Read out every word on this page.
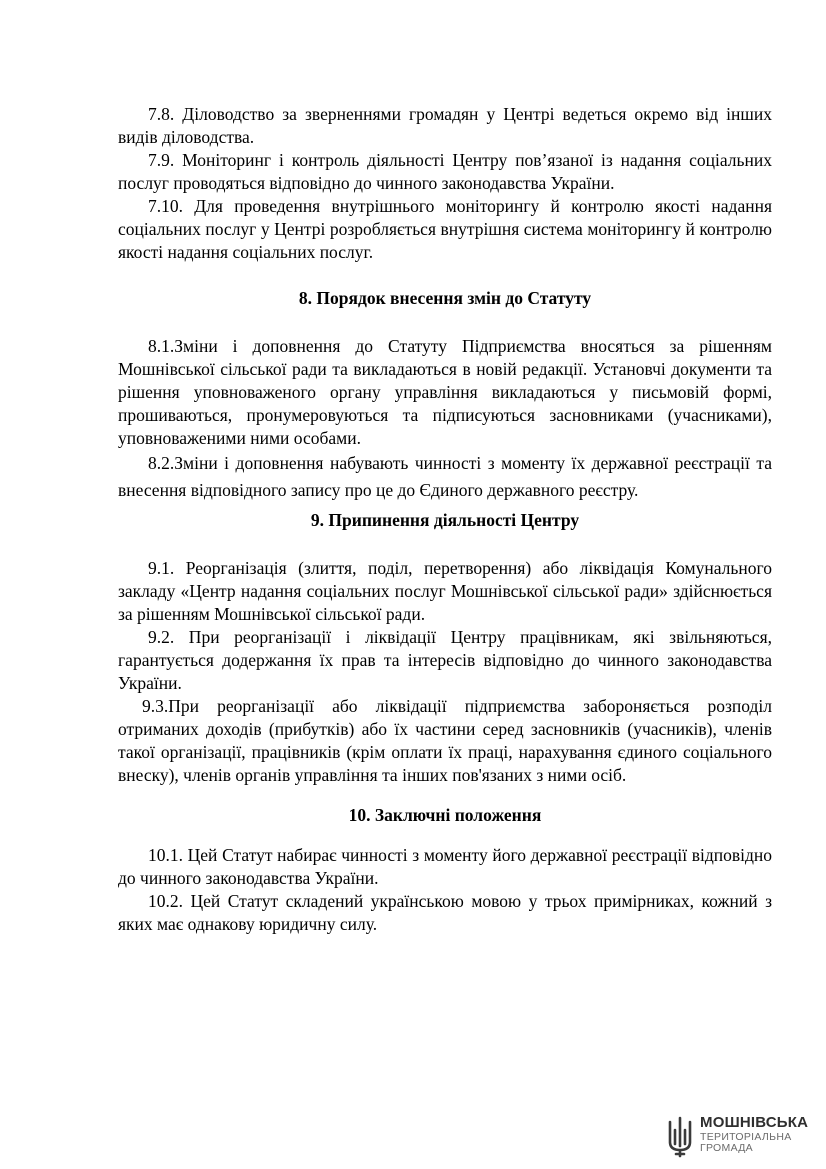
7.8. Діловодство за зверненнями громадян у Центрі ведеться окремо від інших видів діловодства.

7.9. Моніторинг і контроль діяльності Центру пов’язаної із надання соціальних послуг проводяться відповідно до чинного законодавства України.

7.10. Для проведення внутрішнього моніторингу й контролю якості надання соціальних послуг у Центрі розробляється внутрішня система моніторингу й контролю якості надання соціальних послуг.

8. Порядок внесення змін до Статуту

8.1.Зміни і доповнення до Статуту Підприємства вносяться за рішенням Мошнівської сільської ради та викладаються в новій редакції. Установчі документи та рішення уповноваженого органу управління викладаються у письмовій формі, прошиваються, пронумеровуються та підписуються засновниками (учасниками), уповноваженими ними особами.

8.2.Зміни і доповнення набувають чинності з моменту їх державної реєстрації та внесення відповідного запису про це до Єдиного державного реєстру.

9. Припинення діяльності Центру

9.1. Реорганізація (злиття, поділ, перетворення) або ліквідація Комунального закладу «Центр надання соціальних послуг Мошнівської сільської ради» здійснюється за рішенням Мошнівської сільської ради.

9.2. При реорганізації і ліквідації Центру працівникам, які звільняються, гарантується додержання їх прав та інтересів відповідно до чинного законодавства України.

9.3.При реорганізації або ліквідації підприємства забороняється розподіл отриманих доходів (прибутків) або їх частини серед засновників (учасників), членів такої організації, працівників (крім оплати їх праці, нарахування єдиного соціального внеску), членів органів управління та інших пов'язаних з ними осіб.

10. Заключні положення

10.1. Цей Статут набирає чинності з моменту його державної реєстрації відповідно до чинного законодавства України.

10.2. Цей Статут складений українською мовою у трьох примірниках, кожний з яких має однакову юридичну силу.

МОШНІВСЬКА
ТЕРИТОРІАЛЬНА
ГРОМАДА
